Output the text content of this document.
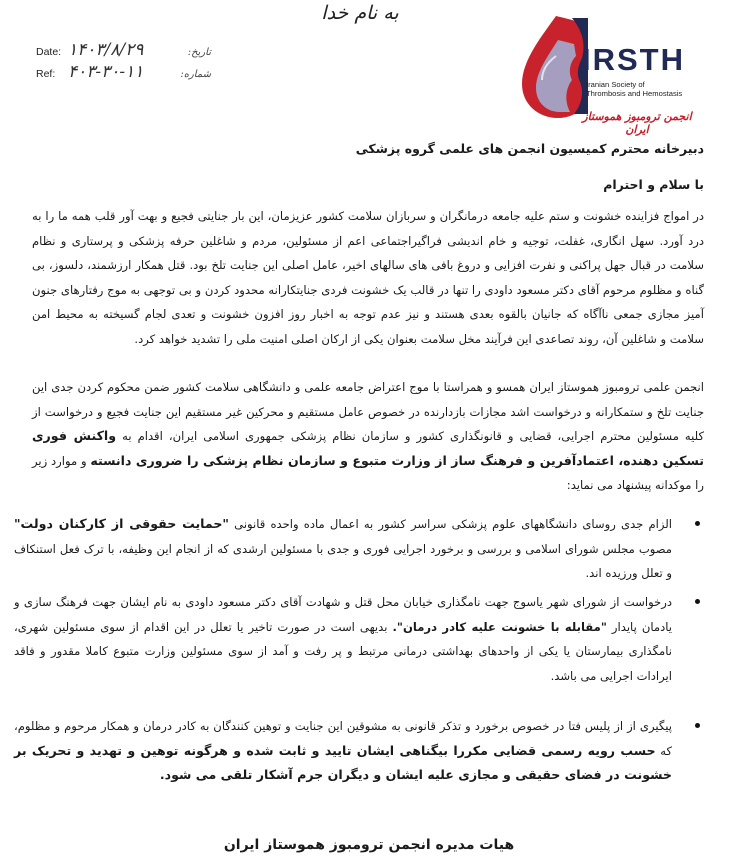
به نام خدا
Date: ۱۴۰۳/۸/۲۹	تاریخ:
Ref: ۴۰۳-۳۰-۱۱	شماره:	IRSTH
Iranian Society of
Thrombosis and Hemostasis
انجمن ترومبوز هموستاز ایران
دبیرخانه محترم کمیسیون انجمن های علمی گروه پزشکی
با سلام و احترام
در امواج فزاینده خشونت و ستم علیه جامعه درمانگران و سربازان سلامت کشور عزیزمان، این بار جنایتی فجیع و بهت آور قلب همه ما را به درد آورد. سهل انگاری، غفلت، توجیه و خام اندیشی فراگیراجتماعی اعم از مسئولین، مردم و شاغلین حرفه پزشکی و پرستاری و نظام سلامت در قبال جهل پراکنی و نفرت افزایی و دروغ بافی های سالهای اخیر، عامل اصلی این جنایت تلخ بود. قتل همکار ارزشمند، دلسوز، بی گناه و مظلوم مرحوم آقای دکتر مسعود داودی را تنها در قالب یک خشونت فردی جنایتکارانه محدود کردن و بی توجهی به موج رفتارهای جنون آمیز مجازی جمعی ناآگاه که جانیان بالقوه بعدی هستند و نیز عدم توجه به اخبار روز افزون خشونت و تعدی لجام گسیخته به محیط امن سلامت و شاغلین آن، روند تصاعدی این فرآیند مخل سلامت بعنوان یکی از ارکان اصلی امنیت ملی را تشدید خواهد کرد.
انجمن علمی ترومبوز هموستاز ایران همسو و همراستا با موج اعتراض جامعه علمی و دانشگاهی سلامت کشور ضمن محکوم کردن جدی این جنایت تلخ و ستمکارانه و درخواست اشد مجازات بازدارنده در خصوص عامل مستقیم و محرکین غیر مستقیم این جنایت فجیع و درخواست از کلیه مسئولین محترم اجرایی، قضایی و قانونگذاری کشور و سازمان نظام پزشکی جمهوری اسلامی ایران، اقدام به واکنش فوری تسکین دهنده، اعتمادآفرین و فرهنگ ساز از وزارت متبوع و سازمان نظام پزشکی را ضروری دانسته و موارد زیر را موکدانه پیشنهاد می نماید:
الزام جدی روسای دانشگاههای علوم پزشکی سراسر کشور به اعمال ماده واحده قانونی "حمایت حقوقی از کارکنان دولت" مصوب مجلس شورای اسلامی و بررسی و برخورد اجرایی فوری و جدی با مسئولین ارشدی که از انجام این وظیفه، با ترک فعل استنکاف و تعلل ورزیده اند.
درخواست از شورای شهر یاسوج جهت نامگذاری خیابان محل قتل و شهادت آقای دکتر مسعود داودی به نام ایشان جهت فرهنگ سازی و یادمان پایدار "مقابله با خشونت علیه کادر درمان". بدیهی است در صورت تاخیر یا تعلل در این اقدام از سوی مسئولین شهری، نامگذاری بیمارستان یا یکی از واحدهای بهداشتی درمانی مرتبط و پر رفت و آمد از سوی مسئولین وزارت متبوع کاملا مقدور و فاقد ایرادات اجرایی می باشد.
پیگیری از از پلیس فتا در خصوص برخورد و تذکر قانونی به مشوقین این جنایت و توهین کنندگان به کادر درمان و همکار مرحوم و مظلوم، که حسب رویه رسمی قضایی مکررا بیگناهی ایشان تایید و ثابت شده و هرگونه توهین و تهدید و تحریک بر خشونت در فضای حقیقی و مجازی علیه ایشان و دیگران جرم آشکار تلقی می شود.
هیات مدیره انجمن ترومبوز هموستاز ایران
